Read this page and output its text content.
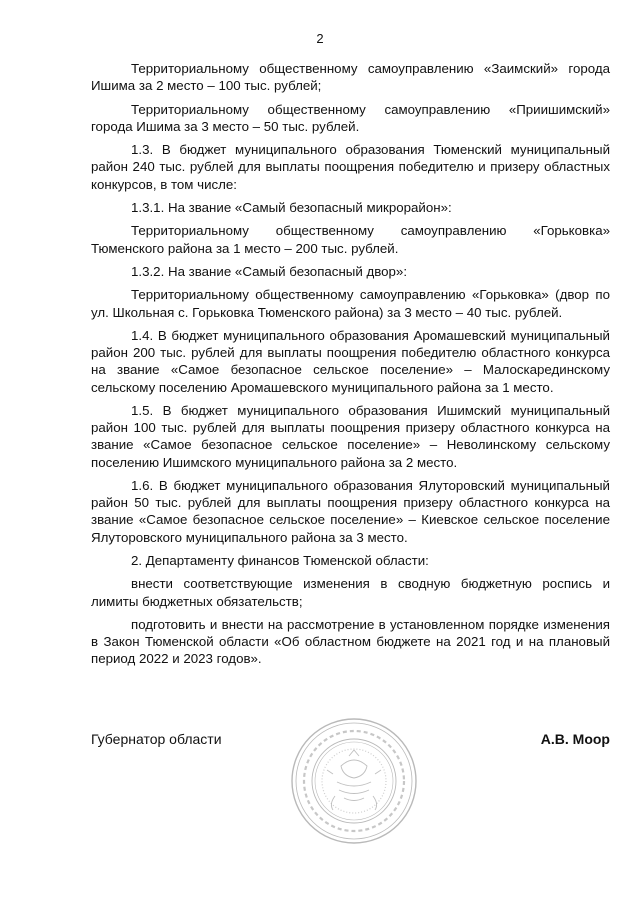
2

Территориальному общественному самоуправлению «Заимский» города Ишима за 2 место – 100 тыс. рублей;

Территориальному общественному самоуправлению «Приишимский» города Ишима за 3 место – 50 тыс. рублей.

1.3. В бюджет муниципального образования Тюменский муниципальный район 240 тыс. рублей для выплаты поощрения победителю и призеру областных конкурсов, в том числе:

1.3.1. На звание «Самый безопасный микрорайон»:

Территориальному общественному самоуправлению «Горьковка» Тюменского района за 1 место – 200 тыс. рублей.

1.3.2. На звание «Самый безопасный двор»:

Территориальному общественному самоуправлению «Горьковка» (двор по ул. Школьная с. Горьковка Тюменского района) за 3 место – 40 тыс. рублей.

1.4. В бюджет муниципального образования Аромашевский муниципальный район 200 тыс. рублей для выплаты поощрения победителю областного конкурса на звание «Самое безопасное сельское поселение» – Малоскарединскому сельскому поселению Аромашевского муниципального района за 1 место.

1.5. В бюджет муниципального образования Ишимский муниципальный район 100 тыс. рублей для выплаты поощрения призеру областного конкурса на звание «Самое безопасное сельское поселение» – Неволинскому сельскому поселению Ишимского муниципального района за 2 место.

1.6. В бюджет муниципального образования Ялуторовский муниципальный район 50 тыс. рублей для выплаты поощрения призеру областного конкурса на звание «Самое безопасное сельское поселение» – Киевское сельское поселение Ялуторовского муниципального района за 3 место.

2. Департаменту финансов Тюменской области:

внести соответствующие изменения в сводную бюджетную роспись и лимиты бюджетных обязательств;

подготовить и внести на рассмотрение в установленном порядке изменения в Закон Тюменской области «Об областном бюджете на 2021 год и на плановый период 2022 и 2023 годов».

Губернатор области	А.В. Моор
